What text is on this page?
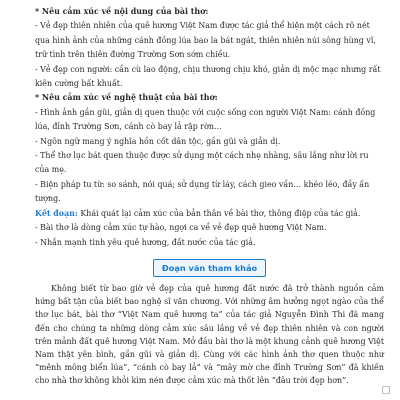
* Nêu cảm xúc về nội dung của bài thơ:

- Vẻ đẹp thiên nhiên của quê hương Việt Nam được tác giả thể hiện một cách rõ nét qua hình ảnh của những cánh đồng lúa bao la bát ngát, thiên nhiên núi sông hùng vĩ, trữ tình trên thiên đường Trường Sơn sớm chiều.

- Vẻ đẹp con người: cần cù lao động, chịu thương chịu khó, giản dị mộc mạc nhưng rất kiên cường bất khuất.

* Nêu cảm xúc về nghệ thuật của bài thơ:

- Hình ảnh gần gũi, giản dị quen thuộc với cuộc sống con người Việt Nam: cánh đồng lúa, đỉnh Trường Sơn, cánh cò bay lả rập rờn…

- Ngôn ngữ mang ý nghĩa hồn cốt dân tộc, gần gũi và giản dị.

- Thể thơ lục bát quen thuộc được sử dụng một cách nhẹ nhàng, sâu lắng như lời ru của mẹ.

- Biện pháp tu từ: so sánh, nói quá; sử dụng từ láy, cách gieo vần… khéo léo, đầy ấn tượng.

Kết đoạn: Khái quát lại cảm xúc của bản thân về bài thơ, thông điệp của tác giả.

- Bài thơ là dòng cảm xúc tự hào, ngợi ca về vẻ đẹp quê hương Việt Nam.

- Nhắn mạnh tình yêu quê hương, đất nước của tác giả.

Đoạn văn tham khảo

Không biết từ bao giờ vẻ đẹp của quê hương đất nước đã trở thành nguồn cảm hứng bất tận của biết bao nghệ sĩ văn chương. Với những âm hưởng ngọt ngào của thể thơ lục bát, bài thơ “Việt Nam quê hương ta” của tác giả Nguyễn Đình Thi đã mang đến cho chúng ta những dòng cảm xúc sâu lắng về vẻ đẹp thiên nhiên và con người trên mảnh đất quê hương Việt Nam. Mở đầu bài thơ là một khung cảnh quê hương Việt Nam thật yên bình, gần gũi và giản dị. Cùng với các hình ảnh thơ quen thuộc như “mênh mông biển lúa”, “cánh cò bay lả” và “mây mờ che đỉnh Trường Sơn” đã khiến cho nhà thơ không khỏi kìm nén được cảm xúc mà thốt lên “đâu trời đẹp hơn”.
